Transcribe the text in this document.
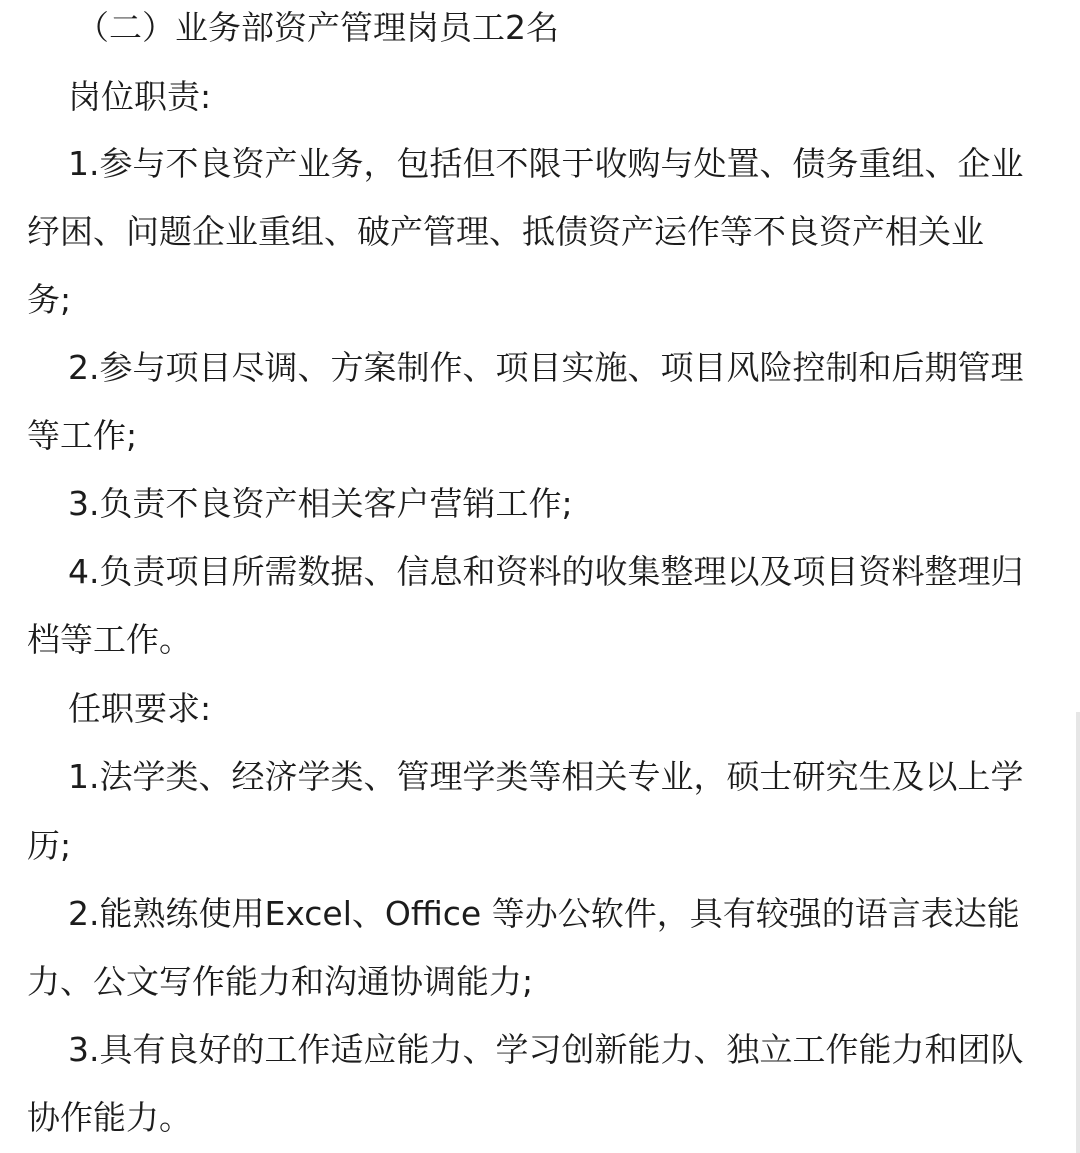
（二）业务部资产管理岗员工2名
岗位职责:
1.参与不良资产业务，包括但不限于收购与处置、债务重组、企业
纾困、问题企业重组、破产管理、抵债资产运作等不良资产相关业
务;
2.参与项目尽调、方案制作、项目实施、项目风险控制和后期管理
等工作;
3.负责不良资产相关客户营销工作;
4.负责项目所需数据、信息和资料的收集整理以及项目资料整理归
档等工作。
任职要求:
1.法学类、经济学类、管理学类等相关专业，硕士研究生及以上学
历;
2.能熟练使用Excel、Office 等办公软件，具有较强的语言表达能
力、公文写作能力和沟通协调能力;
3.具有良好的工作适应能力、学习创新能力、独立工作能力和团队
协作能力。
